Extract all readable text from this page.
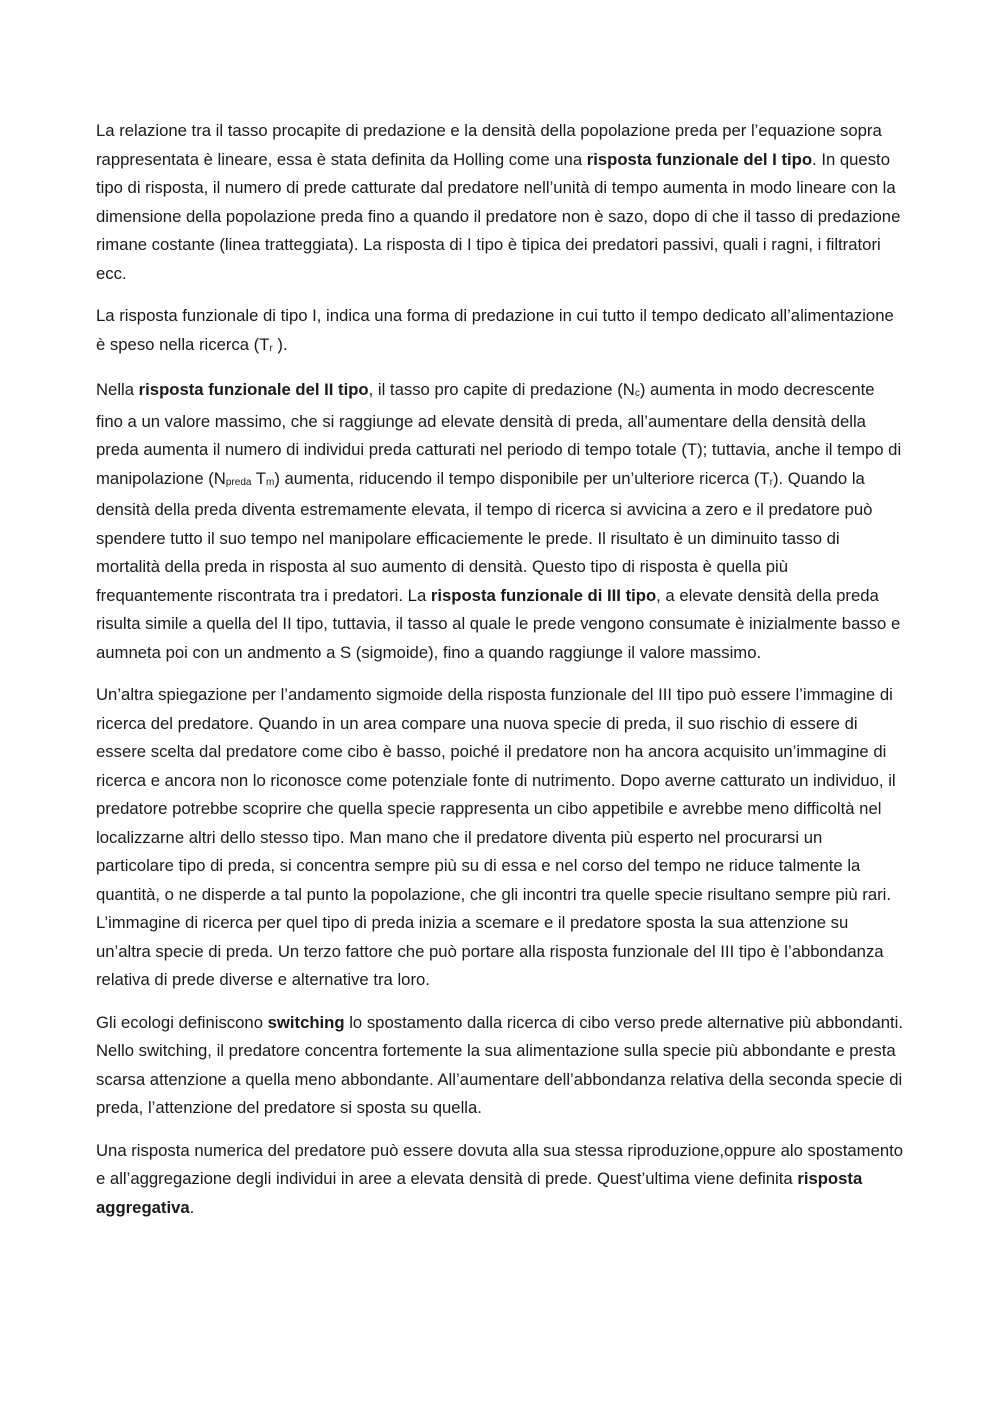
La relazione tra il tasso procapite di predazione e la densità della popolazione preda per l’equazione sopra rappresentata è lineare, essa è stata definita da Holling come una risposta funzionale del I tipo. In questo tipo di risposta, il numero di prede catturate dal predatore nell’unità di tempo aumenta in modo lineare con la dimensione della popolazione preda fino a quando il predatore non è sazo, dopo di che il tasso di predazione rimane costante (linea tratteggiata). La risposta di I tipo è tipica dei predatori passivi, quali i ragni, i filtratori ecc.

La risposta funzionale di tipo I, indica una forma di predazione in cui tutto il tempo dedicato all’alimentazione è speso nella ricerca (Tr ).

Nella risposta funzionale del II tipo, il tasso pro capite di predazione (Nc) aumenta in modo decrescente fino a un valore massimo, che si raggiunge ad elevate densità di preda, all’aumentare della densità della preda aumenta il numero di individui preda catturati nel periodo di tempo totale (T); tuttavia, anche il tempo di manipolazione (Npreda Tm) aumenta, riducendo il tempo disponibile per un’ulteriore ricerca (Tr). Quando la densità della preda diventa estremamente elevata, il tempo di ricerca si avvicina a zero e il predatore può spendere tutto il suo tempo nel manipolare efficaciemente le prede. Il risultato è un diminuito tasso di mortalità della preda in risposta al suo aumento di densità. Questo tipo di risposta è quella più frequantemente riscontrata tra i predatori. La risposta funzionale di III tipo, a elevate densità della preda risulta simile a quella del II tipo, tuttavia, il tasso al quale le prede vengono consumate è inizialmente basso e aumneta poi con un andmento a S (sigmoide), fino a quando raggiunge il valore massimo.

Un’altra spiegazione per l’andamento sigmoide della risposta funzionale del III tipo può essere l’immagine di ricerca del predatore. Quando in un area compare una nuova specie di preda, il suo rischio di essere di essere scelta dal predatore come cibo è basso, poiché il predatore non ha ancora acquisito un’immagine di ricerca e ancora non lo riconosce come potenziale fonte di nutrimento. Dopo averne catturato un individuo, il predatore potrebbe scoprire che quella specie rappresenta un cibo appetibile e avrebbe meno difficoltà nel localizzarne altri dello stesso tipo. Man mano che il predatore diventa più esperto nel procurarsi un particolare tipo di preda, si concentra sempre più su di essa e nel corso del tempo ne riduce talmente la quantità, o ne disperde a tal punto la popolazione, che gli incontri tra quelle specie risultano sempre più rari. L’immagine di ricerca per quel tipo di preda inizia a scemare e il predatore sposta la sua attenzione su un’altra specie di preda. Un terzo fattore che può portare alla risposta funzionale del III tipo è l’abbondanza relativa di prede diverse e alternative tra loro.

Gli ecologi definiscono switching lo spostamento dalla ricerca di cibo verso prede alternative più abbondanti. Nello switching, il predatore concentra fortemente la sua alimentazione sulla specie più abbondante e presta scarsa attenzione a quella meno abbondante. All’aumentare dell’abbondanza relativa della seconda specie di preda, l’attenzione del predatore si sposta su quella.

Una risposta numerica del predatore può essere dovuta alla sua stessa riproduzione,oppure alo spostamento e all’aggregazione degli individui in aree a elevata densità di prede. Quest’ultima viene definita risposta aggregativa.
